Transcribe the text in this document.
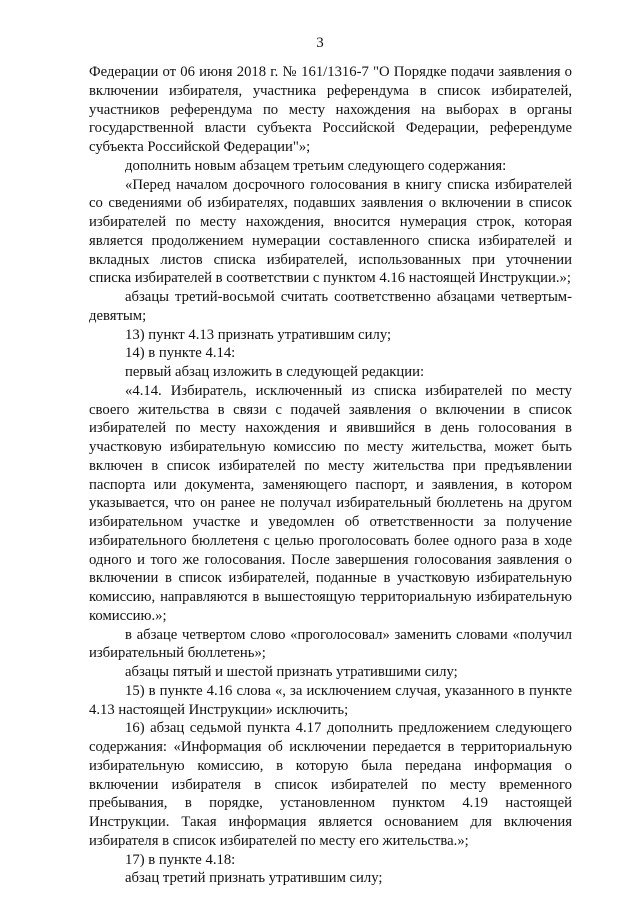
3

Федерации от 06 июня 2018 г. № 161/1316-7 "О Порядке подачи заявления о включении избирателя, участника референдума в список избирателей, участников референдума по месту нахождения на выборах в органы государственной власти субъекта Российской Федерации, референдуме субъекта Российской Федерации"»;

дополнить новым абзацем третьим следующего содержания:

«Перед началом досрочного голосования в книгу списка избирателей со сведениями об избирателях, подавших заявления о включении в список избирателей по месту нахождения, вносится нумерация строк, которая является продолжением нумерации составленного списка избирателей и вкладных листов списка избирателей, использованных при уточнении списка избирателей в соответствии с пунктом 4.16 настоящей Инструкции.»;

абзацы третий-восьмой считать соответственно абзацами четвертым-девятым;

13) пункт 4.13 признать утратившим силу;

14) в пункте 4.14:

первый абзац изложить в следующей редакции:

«4.14. Избиратель, исключенный из списка избирателей по месту своего жительства в связи с подачей заявления о включении в список избирателей по месту нахождения и явившийся в день голосования в участковую избирательную комиссию по месту жительства, может быть включен в список избирателей по месту жительства при предъявлении паспорта или документа, заменяющего паспорт, и заявления, в котором указывается, что он ранее не получал избирательный бюллетень на другом избирательном участке и уведомлен об ответственности за получение избирательного бюллетеня с целью проголосовать более одного раза в ходе одного и того же голосования. После завершения голосования заявления о включении в список избирателей, поданные в участковую избирательную комиссию, направляются в вышестоящую территориальную избирательную комиссию.»;

в абзаце четвертом слово «проголосовал» заменить словами «получил избирательный бюллетень»;

абзацы пятый и шестой признать утратившими силу;

15) в пункте 4.16 слова «, за исключением случая, указанного в пункте 4.13 настоящей Инструкции» исключить;

16) абзац седьмой пункта 4.17 дополнить предложением следующего содержания: «Информация об исключении передается в территориальную избирательную комиссию, в которую была передана информация о включении избирателя в список избирателей по месту временного пребывания, в порядке, установленном пунктом 4.19 настоящей Инструкции. Такая информация является основанием для включения избирателя в список избирателей по месту его жительства.»;

17) в пункте 4.18:

абзац третий признать утратившим силу;
